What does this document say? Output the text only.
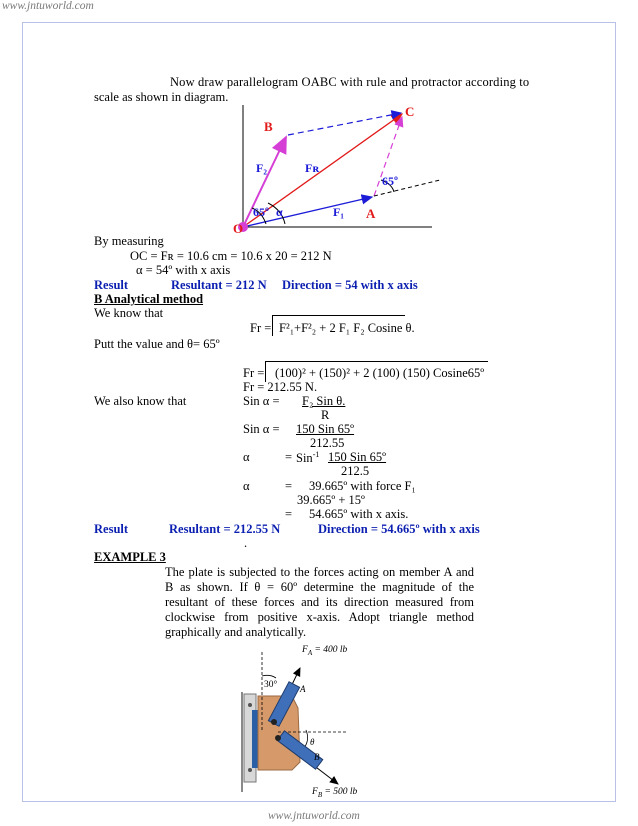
www.jntuworld.com
www.jntuworld.com
Now draw parallelogram OABC with rule and protractor according to
scale as shown in diagram.
B
C
O
A
F₂	Fʀ
F₁
65º
65º α
By measuring
OC = Fʀ = 10.6 cm = 10.6 x 20 = 212 N
α = 54º with x axis
Result	Resultant = 212 N Direction = 54 with x axis
B Analytical method
We know that
Fr = F²₁+F²₂ + 2 F₁ F₂ Cosine θ.
Putt the value and θ= 65º
Fr = (100)² + (150)² + 2 (100) (150) Cosine65º
Fr = 212.55 N.
We also know that	Sin α = F₂ Sin θ.
R
Sin α = 150 Sin 65º
212.55
α	= Sin$^{-1}$ 150 Sin 65º
212.5
α	= 39.665º with force F₁
39.665º + 15º
= 54.665º with x axis.
Result	Resultant = 212.55 N	Direction = 54.665º with x axis
.
EXAMPLE 3
The plate is subjected to the forces acting on member A and B as shown. If θ = 60º determine the magnitude of the resultant of these forces and its direction measured from clockwise from positive x-axis. Adopt triangle method graphically and analytically.
$F_A = 400$ lb
$F_B = 500$ lb
30°	A
B
θ
